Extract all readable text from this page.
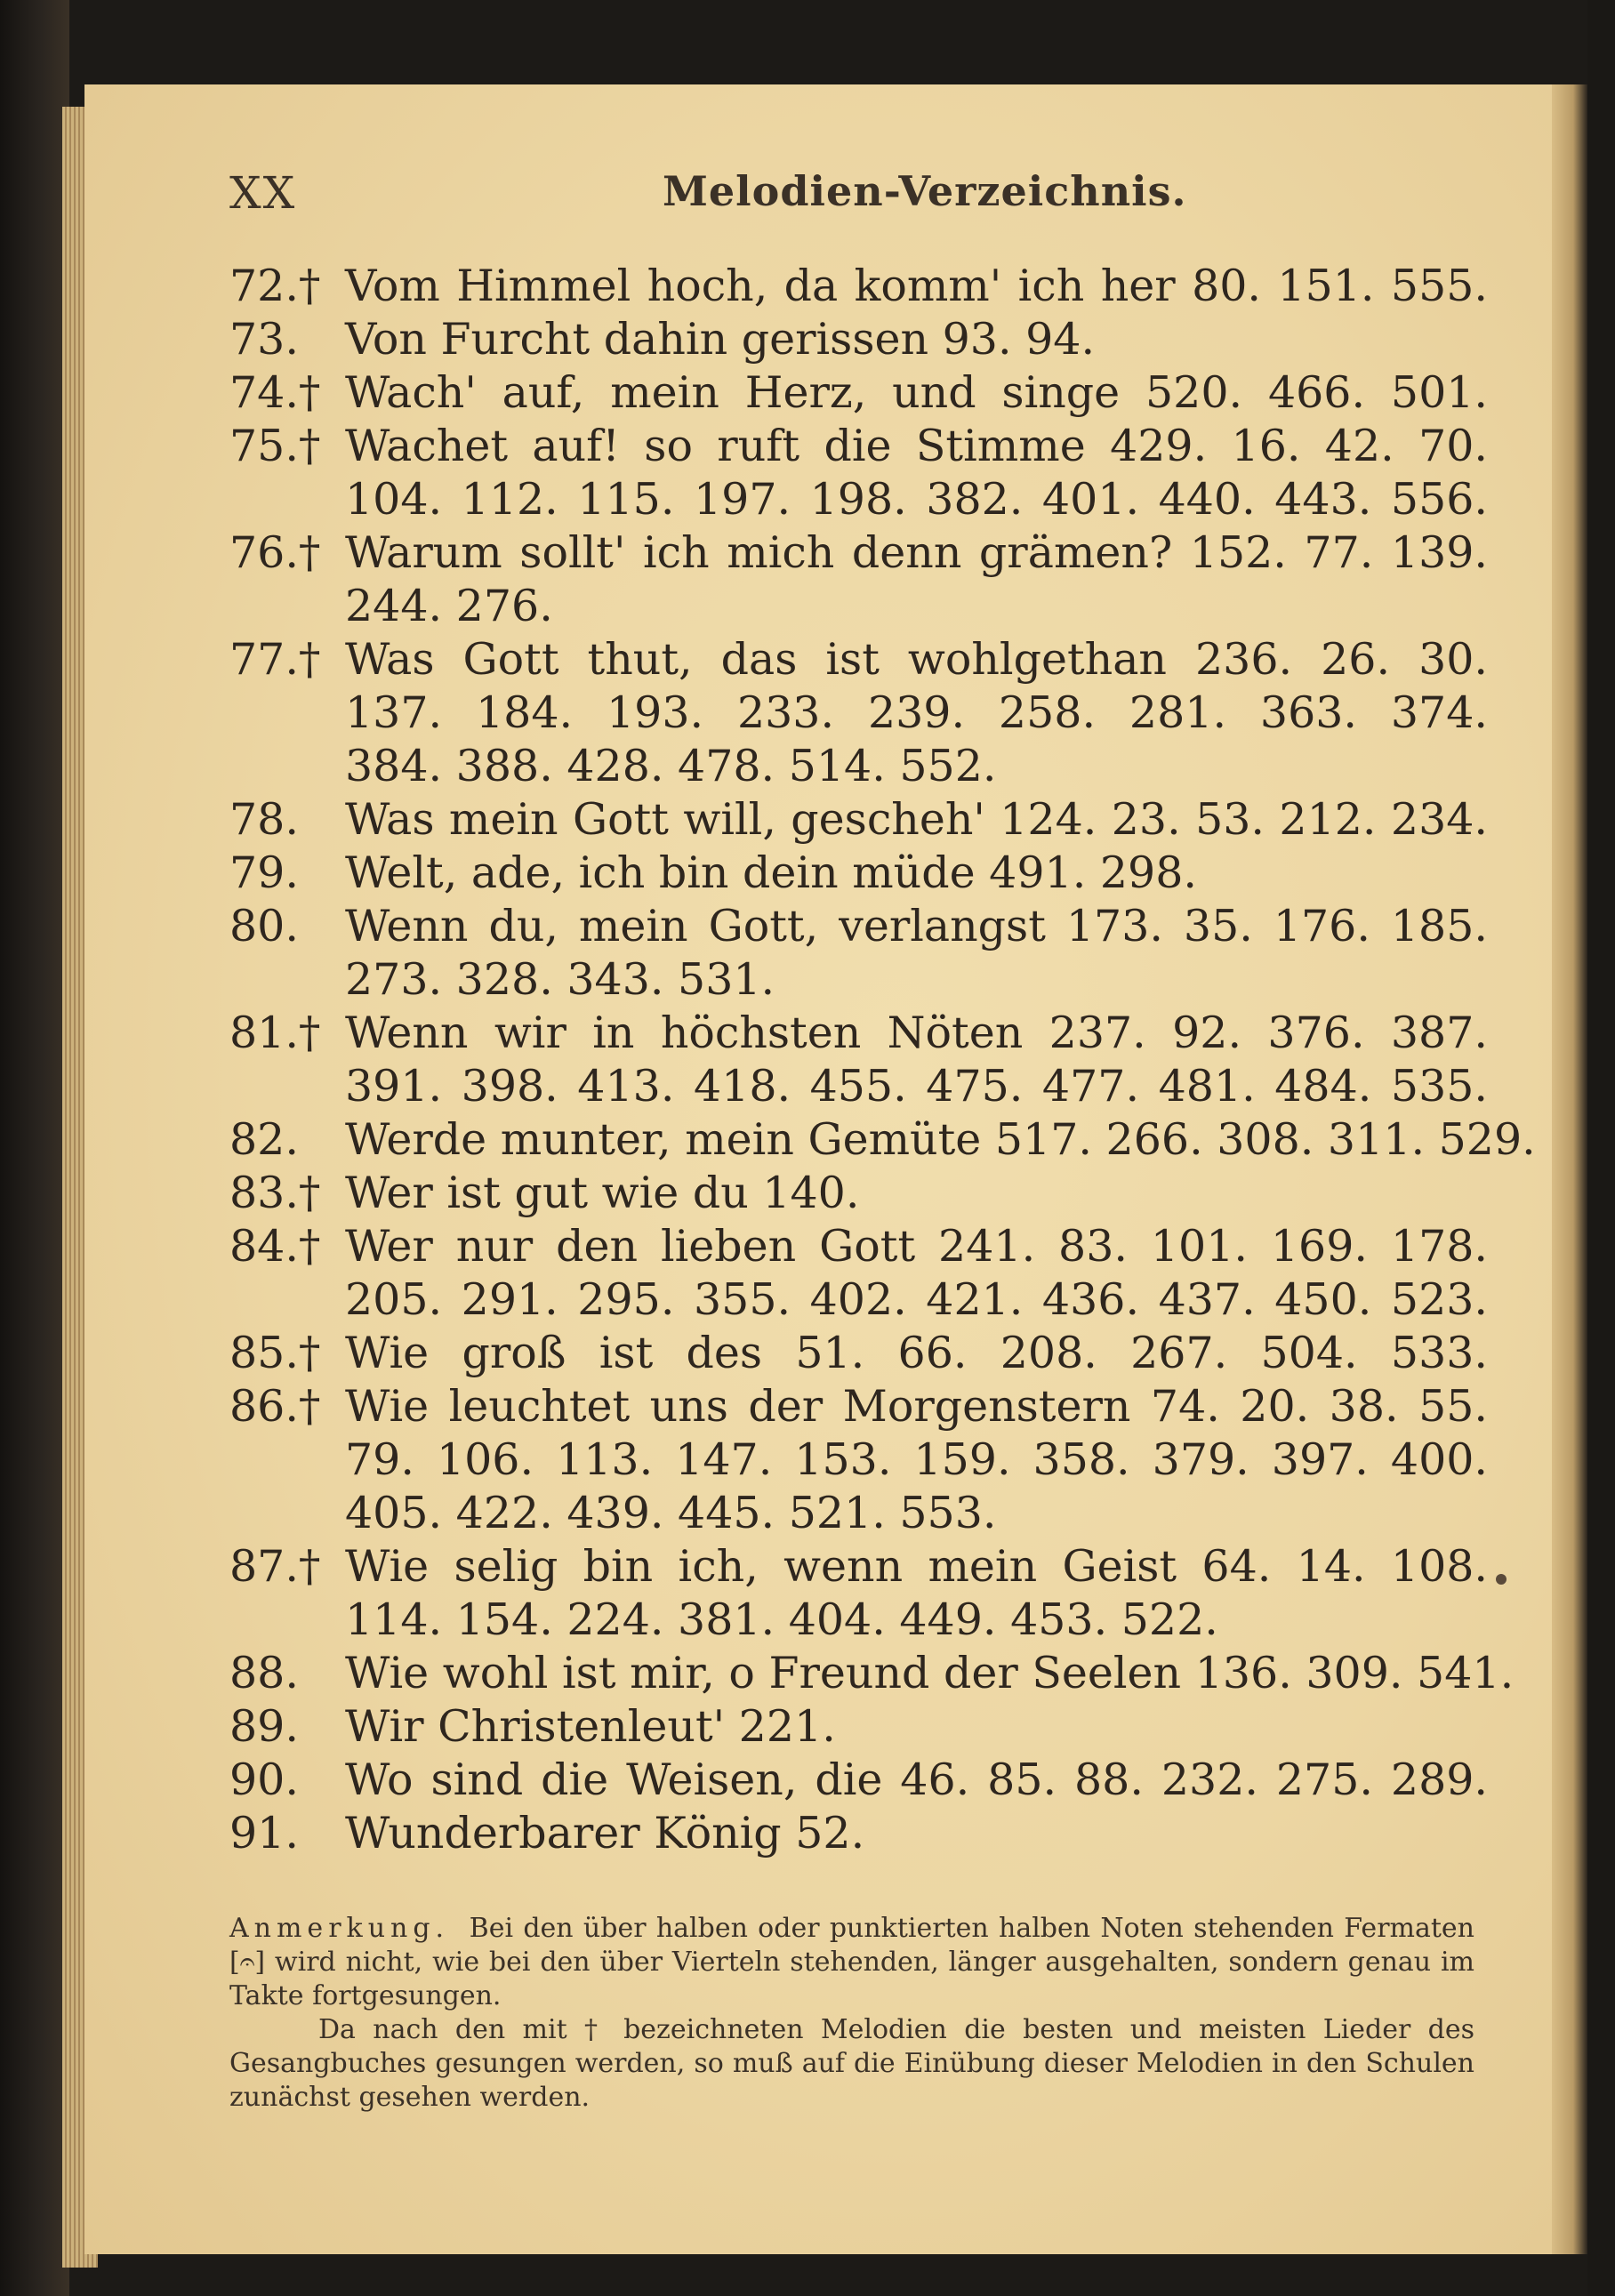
XX	Melodien-Verzeichnis.
72.† Vom Himmel hoch, da komm' ich her 80. 151. 555.
73.	Von Furcht dahin gerissen 93. 94.
74.† Wach' auf, mein Herz, und singe 520. 466. 501.
75.† Wachet auf! so ruft die Stimme 429. 16. 42. 70.
104. 112. 115. 197. 198. 382. 401. 440. 443. 556.
76.† Warum sollt' ich mich denn grämen? 152. 77. 139.
244. 276.
77.† Was Gott thut, das ist wohlgethan 236. 26. 30.
137. 184. 193. 233. 239. 258. 281. 363. 374.
384. 388. 428. 478. 514. 552.
78.	Was mein Gott will, gescheh' 124. 23. 53. 212. 234.
79.	Welt, ade, ich bin dein müde 491. 298.
80.	Wenn du, mein Gott, verlangst 173. 35. 176. 185.
273. 328. 343. 531.
81.† Wenn wir in höchsten Nöten 237. 92. 376. 387.
391. 398. 413. 418. 455. 475. 477. 481. 484. 535.
82.	Werde munter, mein Gemüte 517. 266. 308. 311. 529.
83.† Wer ist gut wie du 140.
84.† Wer nur den lieben Gott 241. 83. 101. 169. 178.
205. 291. 295. 355. 402. 421. 436. 437. 450. 523.
85.† Wie groß ist des 51. 66. 208. 267. 504. 533.
86.† Wie leuchtet uns der Morgenstern 74. 20. 38. 55.
79. 106. 113. 147. 153. 159. 358. 379. 397. 400.
405. 422. 439. 445. 521. 553.
87.† Wie selig bin ich, wenn mein Geist 64. 14. 108.
114. 154. 224. 381. 404. 449. 453. 522.
88.	Wie wohl ist mir, o Freund der Seelen 136. 309. 541.
89.	Wir Christenleut' 221.
90.	Wo sind die Weisen, die 46. 85. 88. 232. 275. 289.
91.	Wunderbarer König 52.

Anmerkung. Bei den über halben oder punktierten halben Noten stehenden Fermaten [𝄐] wird nicht, wie bei den über Vierteln stehenden, länger ausgehalten, sondern genau im Takte fortgesungen.

Da nach den mit † bezeichneten Melodien die besten und meisten Lieder des Gesangbuches gesungen werden, so muß auf die Einübung dieser Melodien in den Schulen zunächst gesehen werden.
